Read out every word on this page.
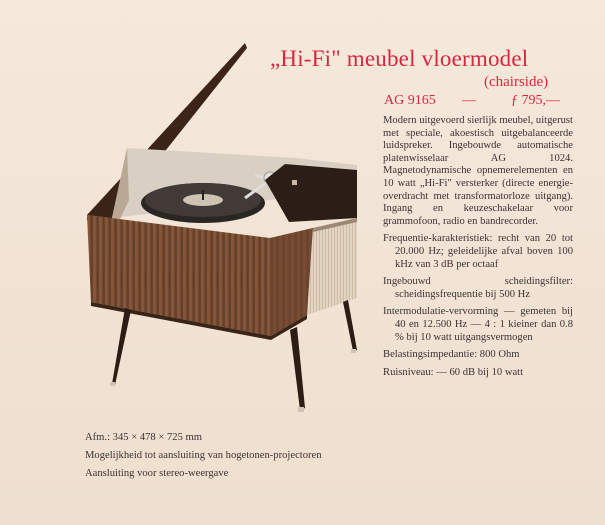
„Hi-Fi" meubel vloermodel
(chairside)
AG 9165 —	ƒ 795,—

Modern uitgevoerd sierlijk meubel, uitgerust met speciale, akoestisch uitgebalanceerde luidspreker. Ingebouwde automatische platenwisselaar AG 1024. Magnetodynamische opnemerelementen en 10 watt „Hi-Fi" versterker (directe energie-overdracht met transformatorloze uitgang). Ingang en keuzeschakelaar voor grammofoon, radio en bandrecorder.

Frequentie-karakteristiek: recht van 20 tot 20.000 Hz; geleidelijke afval boven 100 kHz van 3 dB per octaaf

Ingebouwd scheidingsfilter: scheidingsfrequentie bij 500 Hz

Intermodulatie-vervorming — gemeten bij 40 en 12.500 Hz — 4 : 1 kieiner dan 0.8 % bij 10 watt uitgangsvermogen

Belastingsimpedantie: 800 Ohm

Ruisniveau: — 60 dB bij 10 watt

Afm.: 345 × 478 × 725 mm
Mogelijkheid tot aansluiting van hogetonen-projectoren
Aansluiting voor stereo-weergave
